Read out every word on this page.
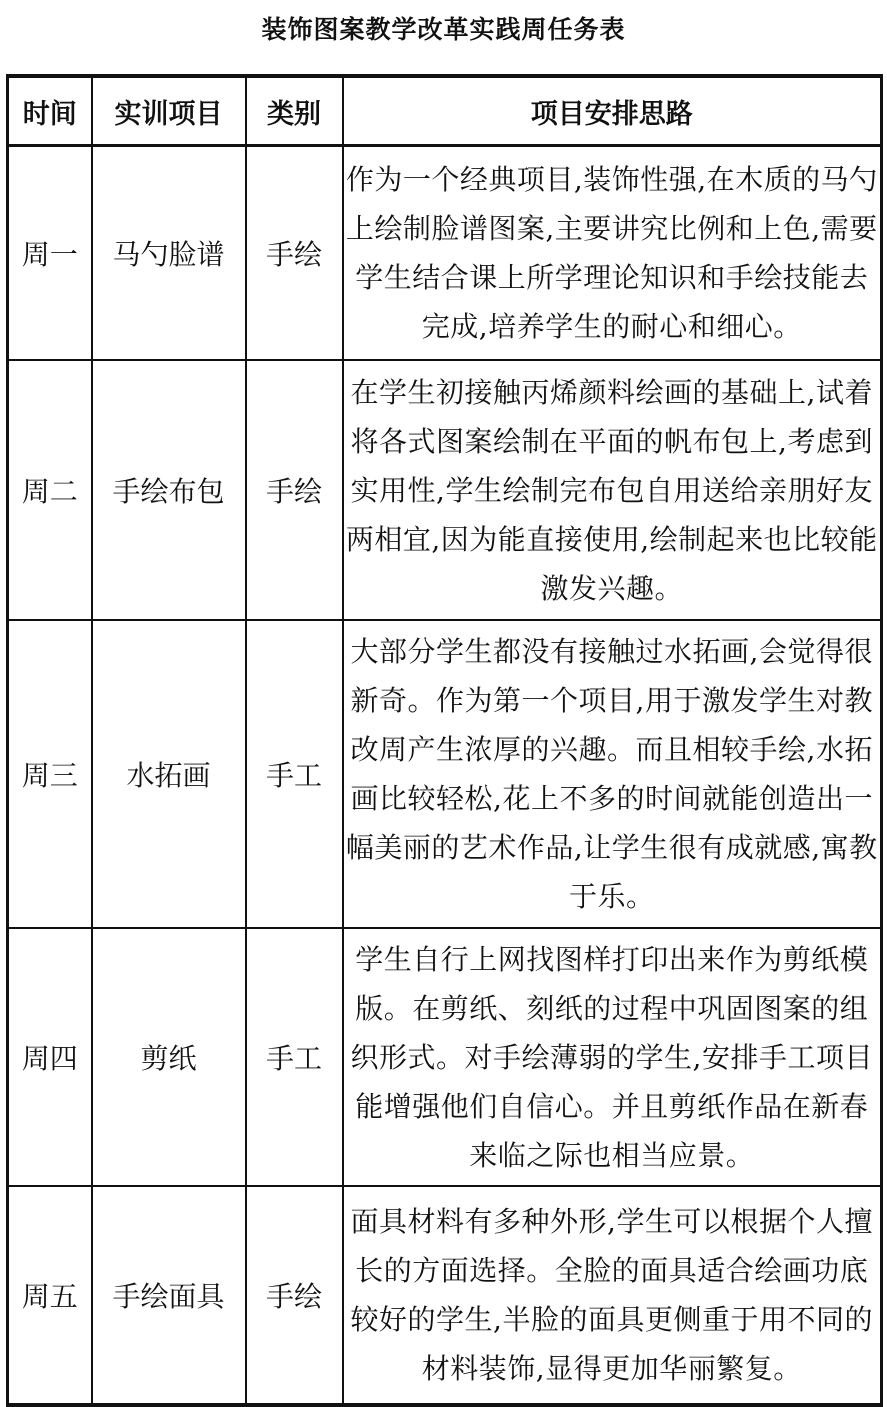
装饰图案教学改革实践周任务表
时间	实训项目	类别	项目安排思路
周一	马勺脸谱	手绘	作为一个经典项目,装饰性强,在木质的马勺上绘制脸谱图案,主要讲究比例和上色,需要学生结合课上所学理论知识和手绘技能去完成,培养学生的耐心和细心。
周二	手绘布包	手绘	在学生初接触丙烯颜料绘画的基础上,试着将各式图案绘制在平面的帆布包上,考虑到实用性,学生绘制完布包自用送给亲朋好友两相宜,因为能直接使用,绘制起来也比较能激发兴趣。
周三	水拓画	手工	大部分学生都没有接触过水拓画,会觉得很新奇。作为第一个项目,用于激发学生对教改周产生浓厚的兴趣。而且相较手绘,水拓画比较轻松,花上不多的时间就能创造出一幅美丽的艺术作品,让学生很有成就感,寓教于乐。
周四	剪纸	手工	学生自行上网找图样打印出来作为剪纸模版。在剪纸、刻纸的过程中巩固图案的组织形式。对手绘薄弱的学生,安排手工项目能增强他们自信心。并且剪纸作品在新春来临之际也相当应景。
周五	手绘面具	手绘	面具材料有多种外形,学生可以根据个人擅长的方面选择。全脸的面具适合绘画功底较好的学生,半脸的面具更侧重于用不同的材料装饰,显得更加华丽繁复。
